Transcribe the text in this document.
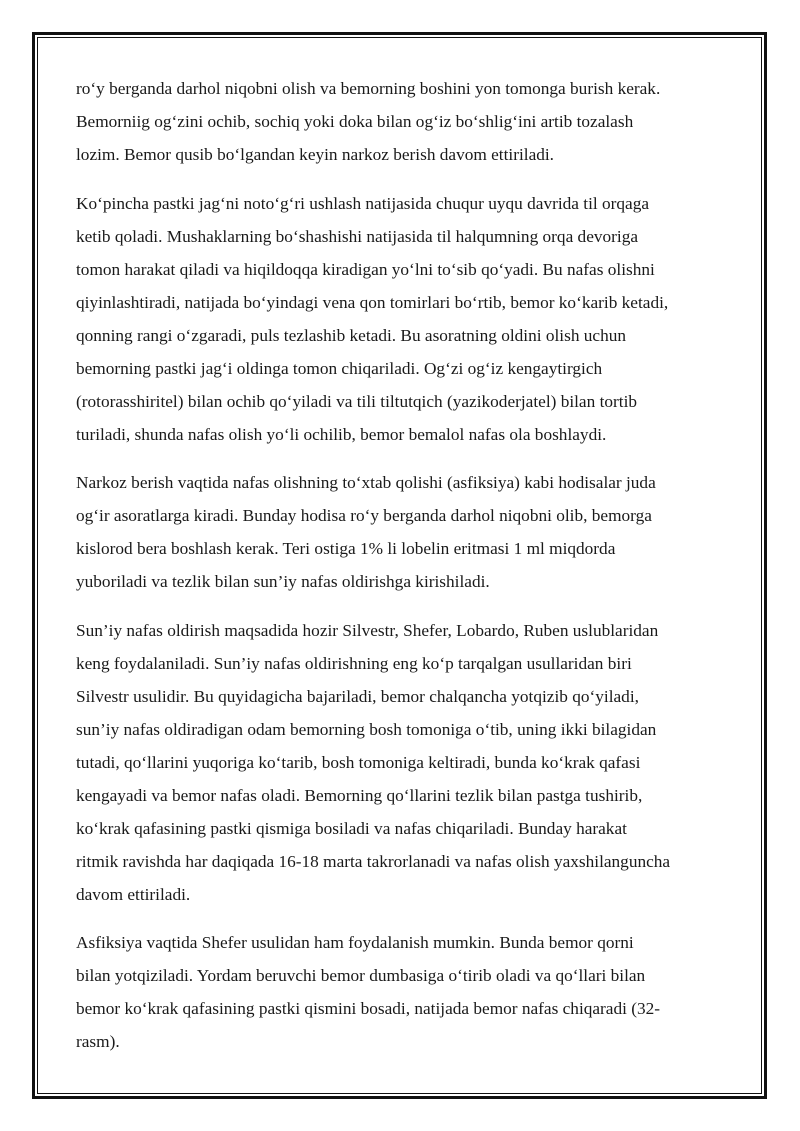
ro‘y berganda darhol niqobni olish va bemorning boshini yon tomonga burish kerak.
Bemorniig og‘zini ochib, sochiq yoki doka bilan og‘iz bo‘shlig‘ini artib tozalash
lozim. Bemor qusib bo‘lgandan keyin narkoz berish davom ettiriladi.

Ko‘pincha pastki jag‘ni noto‘g‘ri ushlash natijasida chuqur uyqu davrida til orqaga
ketib qoladi. Mushaklarning bo‘shashishi natijasida til halqumning orqa devoriga
tomon harakat qiladi va hiqildoqqa kiradigan yo‘lni to‘sib qo‘yadi. Bu nafas olishni
qiyinlashtiradi, natijada bo‘yindagi vena qon tomirlari bo‘rtib, bemor ko‘karib ketadi,
qonning rangi o‘zgaradi, puls tezlashib ketadi. Bu asoratning oldini olish uchun
bemorning pastki jag‘i oldinga tomon chiqariladi. Og‘zi og‘iz kengaytirgich
(rotorasshiritel) bilan ochib qo‘yiladi va tili tiltutqich (yazikoderjatel) bilan tortib
turiladi, shunda nafas olish yo‘li ochilib, bemor bemalol nafas ola boshlaydi.

Narkoz berish vaqtida nafas olishning to‘xtab qolishi (asfiksiya) kabi hodisalar juda
og‘ir asoratlarga kiradi. Bunday hodisa ro‘y berganda darhol niqobni olib, bemorga
kislorod bera boshlash kerak. Teri ostiga 1% li lobelin eritmasi 1 ml miqdorda
yuboriladi va tezlik bilan sun’iy nafas oldirishga kirishiladi.

Sun’iy nafas oldirish maqsadida hozir Silvestr, Shefer, Lobardo, Ruben uslublaridan
keng foydalaniladi. Sun’iy nafas oldirishning eng ko‘p tarqalgan usullaridan biri
Silvestr usulidir. Bu quyidagicha bajariladi, bemor chalqancha yotqizib qo‘yiladi,
sun’iy nafas oldiradigan odam bemorning bosh tomoniga o‘tib, uning ikki bilagidan
tutadi, qo‘llarini yuqoriga ko‘tarib, bosh tomoniga keltiradi, bunda ko‘krak qafasi
kengayadi va bemor nafas oladi. Bemorning qo‘llarini tezlik bilan pastga tushirib,
ko‘krak qafasining pastki qismiga bosiladi va nafas chiqariladi. Bunday harakat
ritmik ravishda har daqiqada 16-18 marta takrorlanadi va nafas olish yaxshilanguncha
davom ettiriladi.

Asfiksiya vaqtida Shefer usulidan ham foydalanish mumkin. Bunda bemor qorni
bilan yotqiziladi. Yordam beruvchi bemor dumbasiga o‘tirib oladi va qo‘llari bilan
bemor ko‘krak qafasining pastki qismini bosadi, natijada bemor nafas chiqaradi (32-
rasm).
